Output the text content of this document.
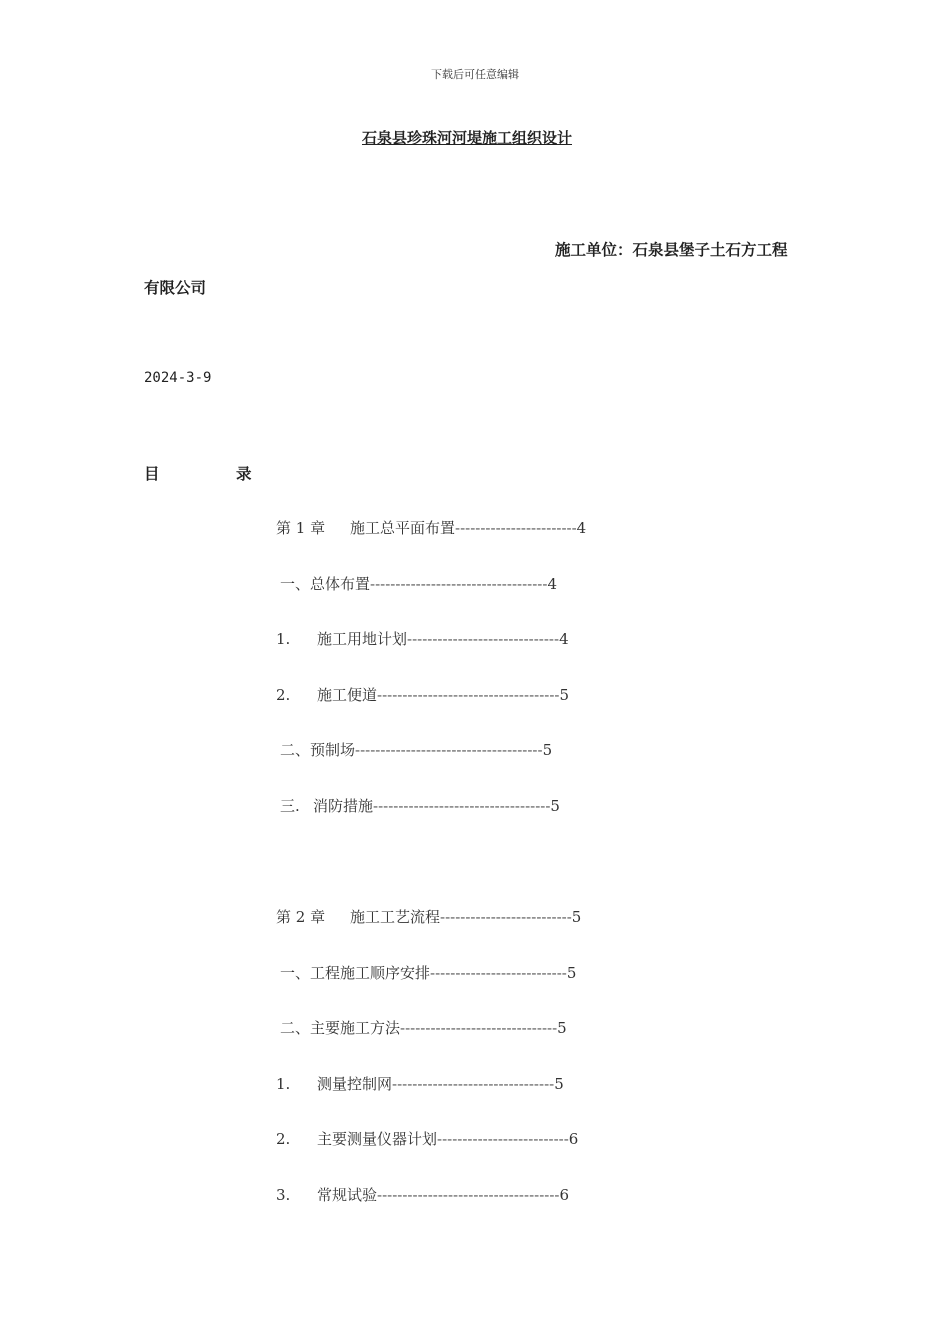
下载后可任意编辑
石泉县珍珠河河堤施工组织设计
施工单位：石泉县堡子土石方工程
有限公司
2024-3-9
目	录
第 1 章 施工总平面布置------------------------4
一、总体布置-----------------------------------4
1. 施工用地计划------------------------------4
2. 施工便道------------------------------------5
二、预制场-------------------------------------5
三. 消防措施-----------------------------------5
第 2 章 施工工艺流程--------------------------5
一、工程施工顺序安排---------------------------5
二、主要施工方法-------------------------------5
1. 测量控制网--------------------------------5
2. 主要测量仪器计划--------------------------6
3. 常规试验------------------------------------6
